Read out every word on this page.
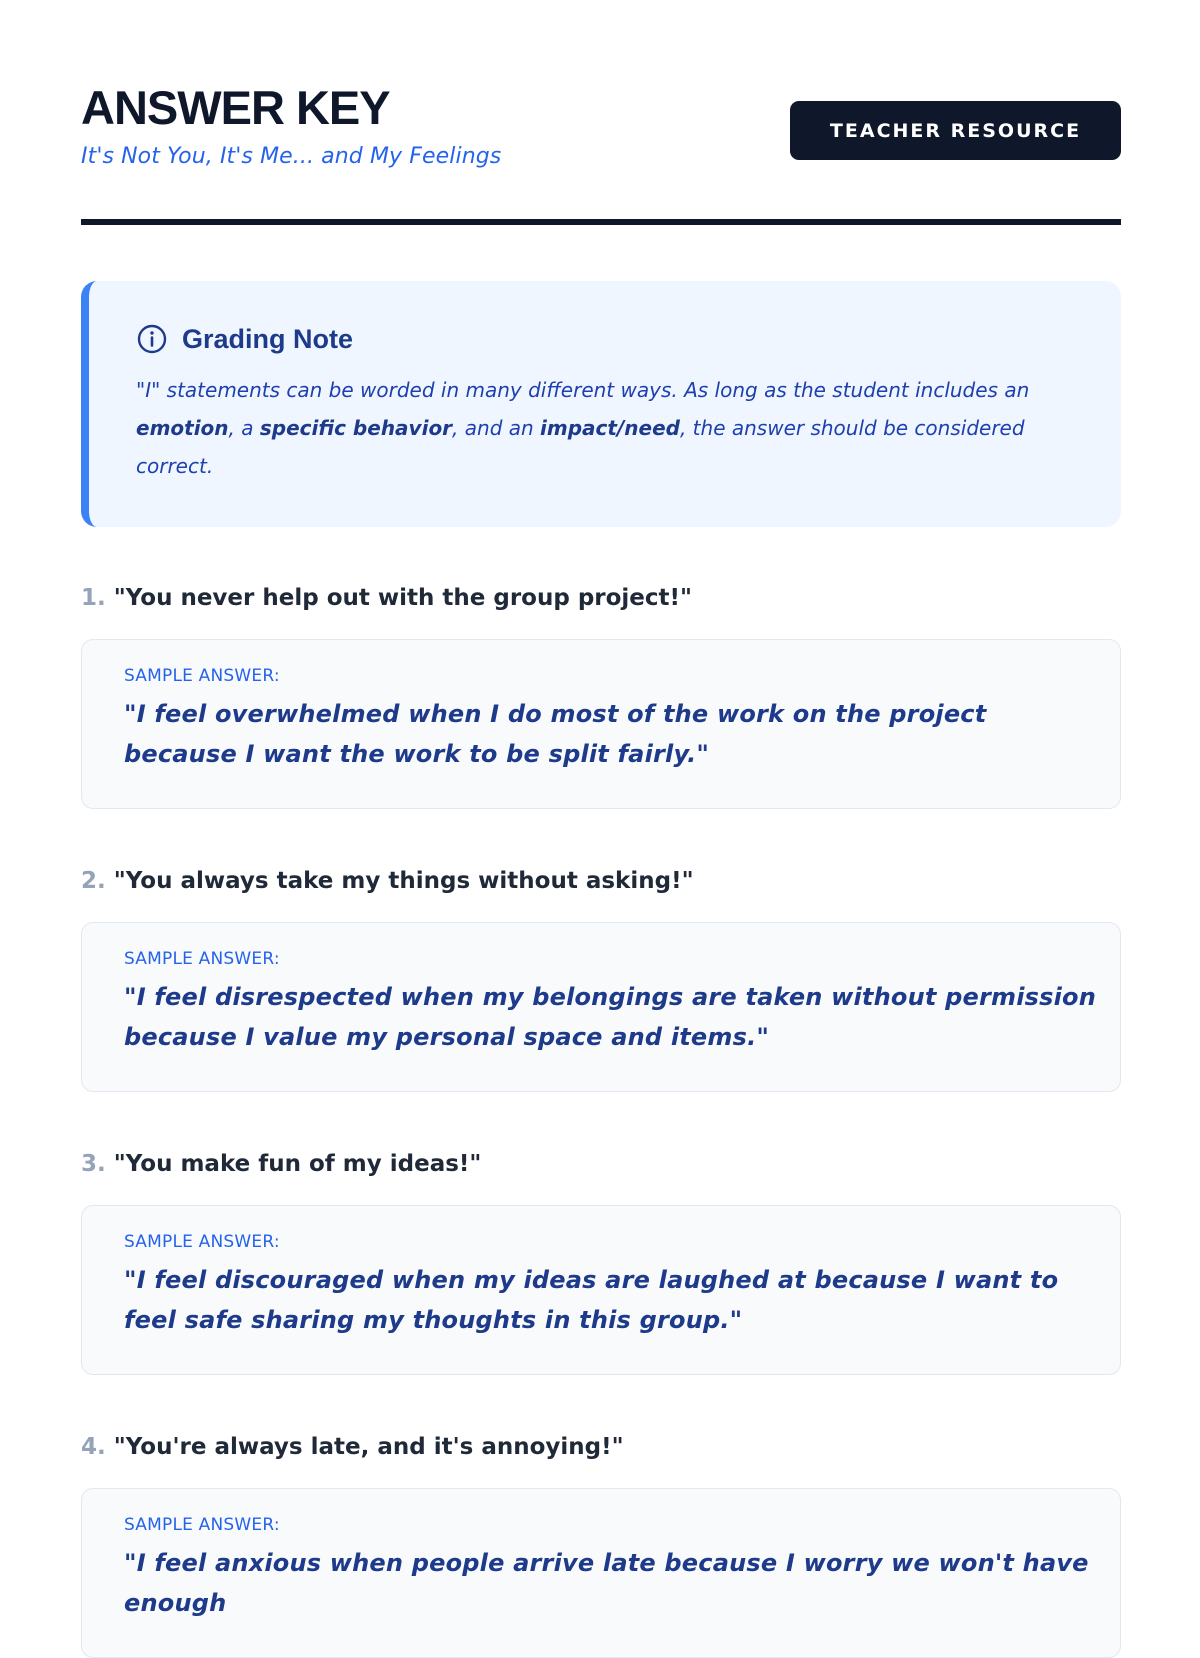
ANSWER KEY
It's Not You, It's Me... and My Feelings
TEACHER RESOURCE
Grading Note
"I" statements can be worded in many different ways. As long as the student includes an emotion, a specific behavior, and an impact/need, the answer should be considered correct.
1. "You never help out with the group project!"
SAMPLE ANSWER:
"I feel overwhelmed when I do most of the work on the project because I want the work to be split fairly."
2. "You always take my things without asking!"
SAMPLE ANSWER:
"I feel disrespected when my belongings are taken without permission because I value my personal space and items."
3. "You make fun of my ideas!"
SAMPLE ANSWER:
"I feel discouraged when my ideas are laughed at because I want to feel safe sharing my thoughts in this group."
4. "You're always late, and it's annoying!"
SAMPLE ANSWER:
"I feel anxious when people arrive late because I worry we won't have enough
